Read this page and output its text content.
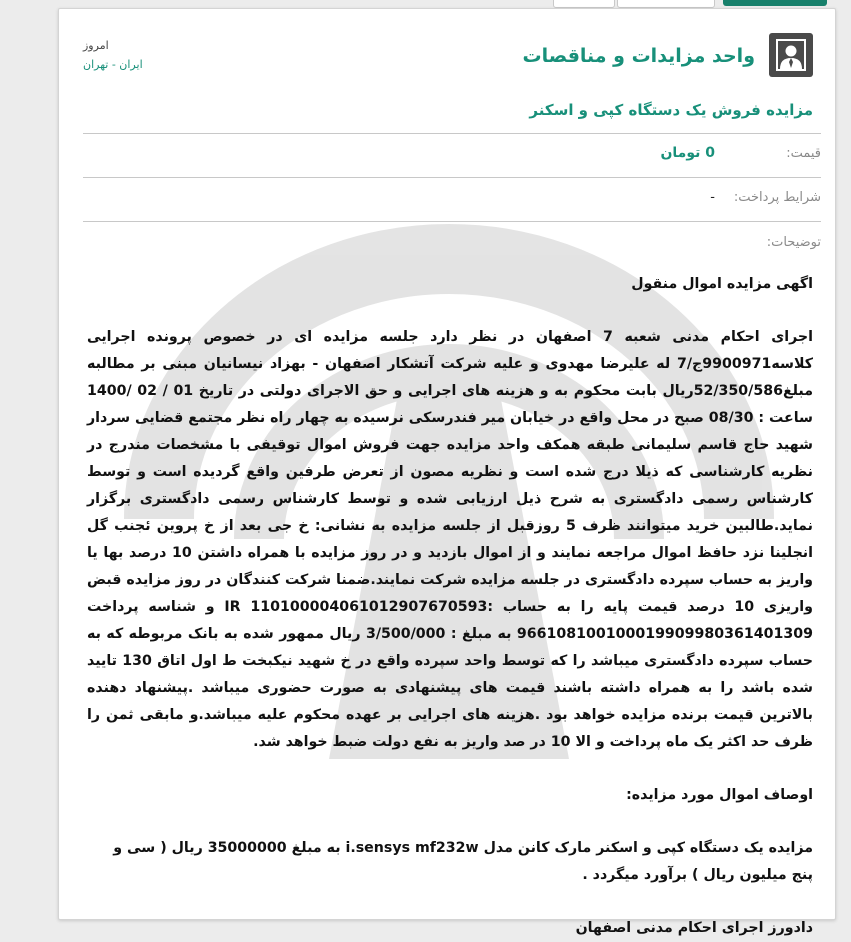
واحد مزایدات و مناقصات
امروز
ایران - تهران
مزایده فروش یک دستگاه کپی و اسکنر
قیمت:
0 تومان
شرایط پرداخت:
-
توضیحات:

اگهی مزایده اموال منقول

اجرای احکام مدنی شعبه 7 اصفهان در نظر دارد جلسه مزایده ای در خصوص پرونده اجرایی کلاسه9900971ج/7 له علیرضا مهدوی و علیه شرکت آتشکار اصفهان - بهزاد نیسانیان مبنی بر مطالبه مبلغ52/350/586ریال بابت محکوم به و هزینه های اجرایی و حق الاجرای دولتی در تاریخ 01 / 02 /1400 ساعت : 08/30 صبح در محل واقع در خیابان میر فندرسکی نرسیده به چهار راه نظر مجتمع قضایی سردار شهید حاج قاسم سلیمانی طبقه همکف واحد مزایده جهت فروش اموال توقیفی با مشخصات مندرج در نظریه کارشناسی که ذیلا درج شده است و نظریه مصون از تعرض طرفین واقع گردیده است و توسط کارشناس رسمی دادگستری به شرح ذیل ارزیابی شده و توسط کارشناس رسمی دادگستری برگزار نماید.طالبین خرید میتوانند ظرف 5 روزقبل از جلسه مزایده به نشانی: خ جی بعد از خ پروین ئجنب گل انجلینا نزد حافظ اموال مراجعه نمایند و از اموال بازدید و در روز مزایده با همراه داشتن 10 درصد بها یا واریز به حساب سپرده دادگستری در جلسه مزایده شرکت نمایند.ضمنا شرکت کنندگان در روز مزایده قبض واریزی 10 درصد قیمت پایه را به حساب :IR 110100004061012907670593 و شناسه پرداخت 966108100100019909980361401309 به مبلغ : 3/500/000 ریال ممهور شده به بانک مربوطه که به حساب سپرده دادگستری میباشد را که توسط واحد سپرده واقع در خ شهید نیکبخت ط اول اتاق 130 تایید شده باشد را به همراه داشته باشند قیمت های پیشنهادی به صورت حضوری میباشد .پیشنهاد دهنده بالاترین قیمت برنده مزایده خواهد بود .هزینه های اجرایی بر عهده محکوم علیه میباشد.و مابقی ثمن را ظرف حد اکثر یک ماه پرداخت و الا 10 در صد واریز به نفع دولت ضبط خواهد شد.

اوصاف اموال مورد مزایده:

مزایده یک دستگاه کپی و اسکنر مارک کانن مدل i.sensys mf232w به مبلغ 35000000 ریال ( سی و پنج میلیون ریال ) برآورد میگردد .

دادورز اجرای احکام مدنی اصفهان
